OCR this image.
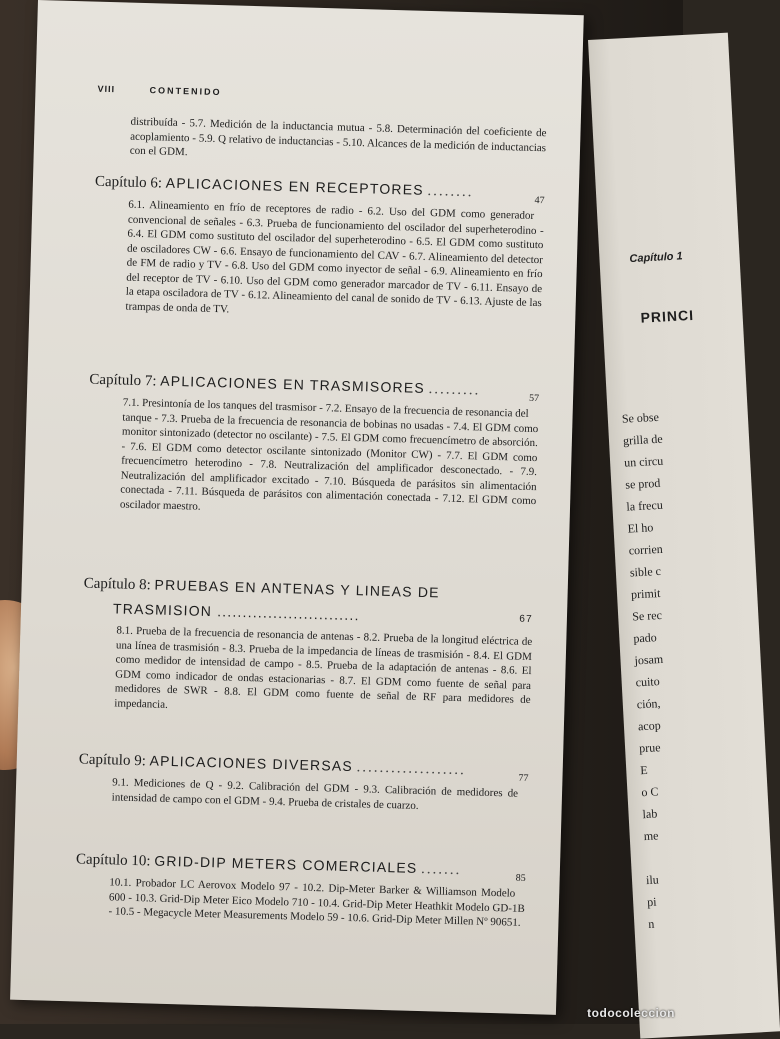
VIII	CONTENIDO

distribuída - 5.7. Medición de la inductancia mutua - 5.8. Determinación del coeficiente de acoplamiento - 5.9. Q relativo de inductancias - 5.10. Alcances de la medición de inductancias con el GDM.

Capítulo 6: APLICACIONES EN RECEPTORES ........
47

6.1. Alineamiento en frío de receptores de radio - 6.2. Uso del GDM como generador convencional de señales - 6.3. Prueba de funcionamiento del oscilador del superheterodino - 6.4. El GDM como sustituto del oscilador del superheterodino - 6.5. El GDM como sustituto de osciladores CW - 6.6. Ensayo de funcionamiento del CAV - 6.7. Alineamiento del detector de FM de radio y TV - 6.8. Uso del GDM como inyector de señal - 6.9. Alineamiento en frío del receptor de TV - 6.10. Uso del GDM como generador marcador de TV - 6.11. Ensayo de la etapa osciladora de TV - 6.12. Alineamiento del canal de sonido de TV - 6.13. Ajuste de las trampas de onda de TV.

Capítulo 7: APLICACIONES EN TRASMISORES .........
57

7.1. Presintonía de los tanques del trasmisor - 7.2. Ensayo de la frecuencia de resonancia del tanque - 7.3. Prueba de la frecuencia de resonancia de bobinas no usadas - 7.4. El GDM como monitor sintonizado (detector no oscilante) - 7.5. El GDM como frecuencímetro de absorción. - 7.6. El GDM como detector oscilante sintonizado (Monitor CW) - 7.7. El GDM como frecuencímetro heterodino - 7.8. Neutralización del amplificador desconectado. - 7.9. Neutralización del amplificador excitado - 7.10. Búsqueda de parásitos sin alimentación conectada - 7.11. Búsqueda de parásitos con alimentación conectada - 7.12. El GDM como oscilador maestro.

Capítulo 8: PRUEBAS EN ANTENAS Y LINEAS DE
TRASMISION ............................	67

8.1. Prueba de la frecuencia de resonancia de antenas - 8.2. Prueba de la longitud eléctrica de una línea de trasmisión - 8.3. Prueba de la impedancia de líneas de trasmisión - 8.4. El GDM como medidor de intensidad de campo - 8.5. Prueba de la adaptación de antenas - 8.6. El GDM como indicador de ondas estacionarias - 8.7. El GDM como fuente de señal para medidores de SWR - 8.8. El GDM como fuente de señal de RF para medidores de impedancia.

Capítulo 9: APLICACIONES DIVERSAS ...................
77

9.1. Mediciones de Q - 9.2. Calibración del GDM - 9.3. Calibración de medidores de intensidad de campo con el GDM - 9.4. Prueba de cristales de cuarzo.

Capítulo 10: GRID-DIP METERS COMERCIALES .......
85

10.1. Probador LC Aerovox Modelo 97 - 10.2. Dip-Meter Barker & Williamson Modelo 600 - 10.3. Grid-Dip Meter Eico Modelo 710 - 10.4. Grid-Dip Meter Heathkit Modelo GD-1B - 10.5 - Megacycle Meter Measurements Modelo 59 - 10.6. Grid-Dip Meter Millen Nº 90651.

Capítulo 1
PRINCI
Se obse
grilla de
un circu
se prod
la frecu
El ho
corrien
sible c
primit
Se rec
pado
josam
cuito
ción,
acop
prue
E
o C
lab
me
ilu
pi
n
todocoleccion
